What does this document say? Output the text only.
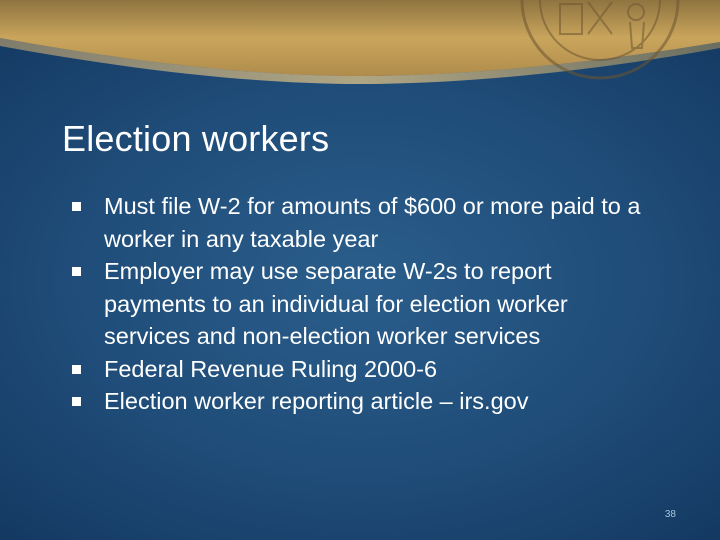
Election workers
Must file W-2 for amounts of $600 or more paid to a worker in any taxable year
Employer may use separate W-2s to report payments to an individual for election worker services and non-election worker services
Federal Revenue Ruling 2000-6
Election worker reporting article – irs.gov
38
